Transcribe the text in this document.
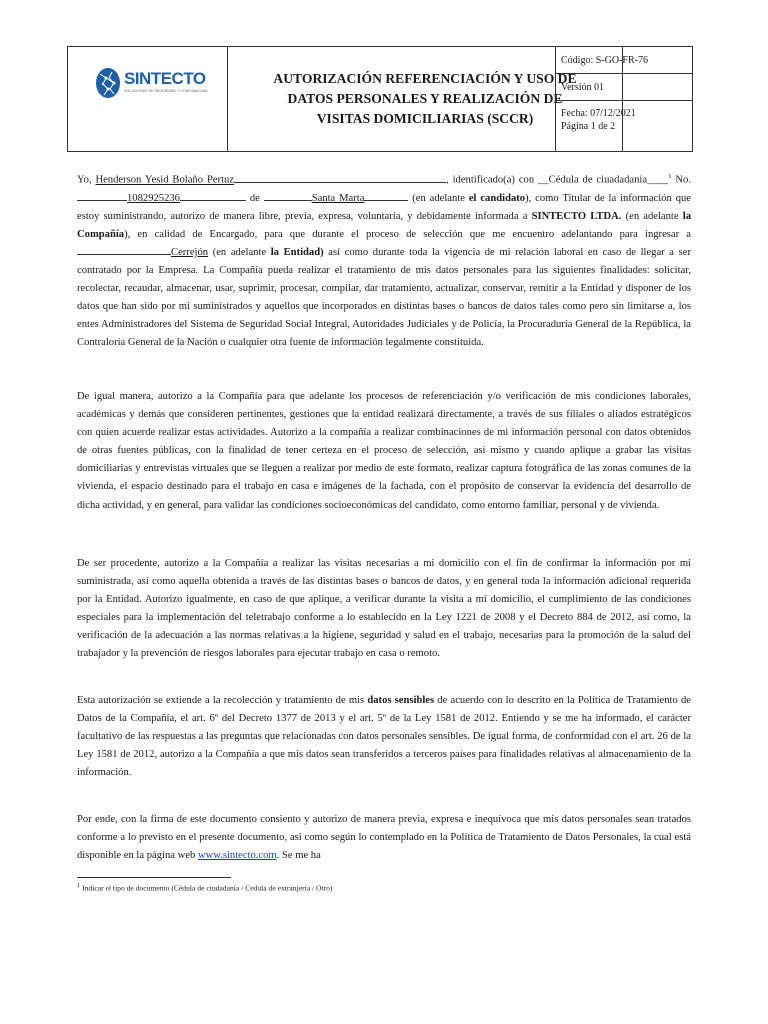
SINTECTO
SOLUCIONES DE SEGURIDAD Y CONFIABILIDAD
AUTORIZACIÓN REFERENCIACIÓN Y USO DE DATOS PERSONALES Y REALIZACIÓN DE VISITAS DOMICILIARIAS (SCCR)
Código: S-GO-FR-76
Versión 01
Fecha: 07/12/2021
Página 1 de 2

Yo, Henderson Yesid Bolaño Pertuz	, identificado(a) con __Cédula de ciuadadanía____$^1$ No.1082925236	de	Santa Marta	(en adelante el candidato), como Titular de la información que estoy suministrando, autorizo de manera libre, previa, expresa, voluntaria, y debidamente informada a SINTECTO LTDA. (en adelante la Compañía), en calidad de Encargado, para que durante el proceso de selección que me encuentro adelantando para ingresar a Cerrejón (en adelante la Entidad) así como durante toda la vigencia de mi relación laboral en caso de llegar a ser contratado por la Empresa. La Compañía pueda realizar el tratamiento de mis datos personales para las siguientes finalidades: solicitar, recolectar, recaudar, almacenar, usar, suprimir, procesar, compilar, dar tratamiento, actualizar, conservar, remitir a la Entidad y disponer de los datos que han sido por mi suministrados y aquellos que incorporados en distintas bases o bancos de datos tales como pero sin limitarse a, los entes Administradores del Sistema de Seguridad Social Integral, Autoridades Judiciales y de Policía, la Procuraduría General de la República, la Contraloría General de la Nación o cualquier otra fuente de información legalmente constituida.

De igual manera, autorizo a la Compañía para que adelante los procesos de referenciación y/o verificación de mis condiciones laborales, académicas y demás que consideren pertinentes, gestiones que la entidad realizará directamente, a través de sus filiales o aliados estratégicos con quien acuerde realizar estas actividades. Autorizo a la compañía a realizar combinaciones de mi información personal con datos obtenidos de otras fuentes públicas, con la finalidad de tener certeza en el proceso de selección, así mismo y cuando aplique a grabar las visitas domiciliarias y entrevistas virtuales que se lleguen a realizar por medio de este formato, realizar captura fotográfica de las zonas comunes de la vivienda, el espacio destinado para el trabajo en casa e imágenes de la fachada, con el propósito de conservar la evidencia del desarrollo de dicha actividad, y en general, para validar las condiciones socioeconómicas del candidato, como entorno familiar, personal y de vivienda.

De ser procedente, autorizo a la Compañía a realizar las visitas necesarias a mi domicilio con el fin de confirmar la información por mi suministrada, así como aquella obtenida a través de las distintas bases o bancos de datos, y en general toda la información adicional requerida por la Entidad. Autorizo igualmente, en caso de que aplique, a verificar durante la visita a mi domicilio, el cumplimiento de las condiciones especiales para la implementación del teletrabajo conforme a lo establecido en la Ley 1221 de 2008 y el Decreto 884 de 2012, así como, la verificación de la adecuación a las normas relativas a la higiene, seguridad y salud en el trabajo, necesarias para la promoción de la salud del trabajador y la prevención de riesgos laborales para ejecutar trabajo en casa o remoto.

Esta autorización se extiende a la recolección y tratamiento de mis datos sensibles de acuerdo con lo descrito en la Política de Tratamiento de Datos de la Compañía, el art. 6º del Decreto 1377 de 2013 y el art. 5º de la Ley 1581 de 2012. Entiendo y se me ha informado, el carácter facultativo de las respuestas a las preguntas que relacionadas con datos personales sensibles. De igual forma, de conformidad con el art. 26 de la Ley 1581 de 2012, autorizo a la Compañía a que mis datos sean transferidos a terceros países para finalidades relativas al almacenamiento de la información.

Por ende, con la firma de este documento consiento y autorizo de manera previa, expresa e inequívoca que mis datos personales sean tratados conforme a lo previsto en el presente documento, así como según lo contemplado en la Política de Tratamiento de Datos Personales, la cual está disponible en la página web www.sintecto.com. Se me ha

$^1$ Indicar el tipo de documento (Cédula de ciudadanía / Cedula de extranjería / Otro)
